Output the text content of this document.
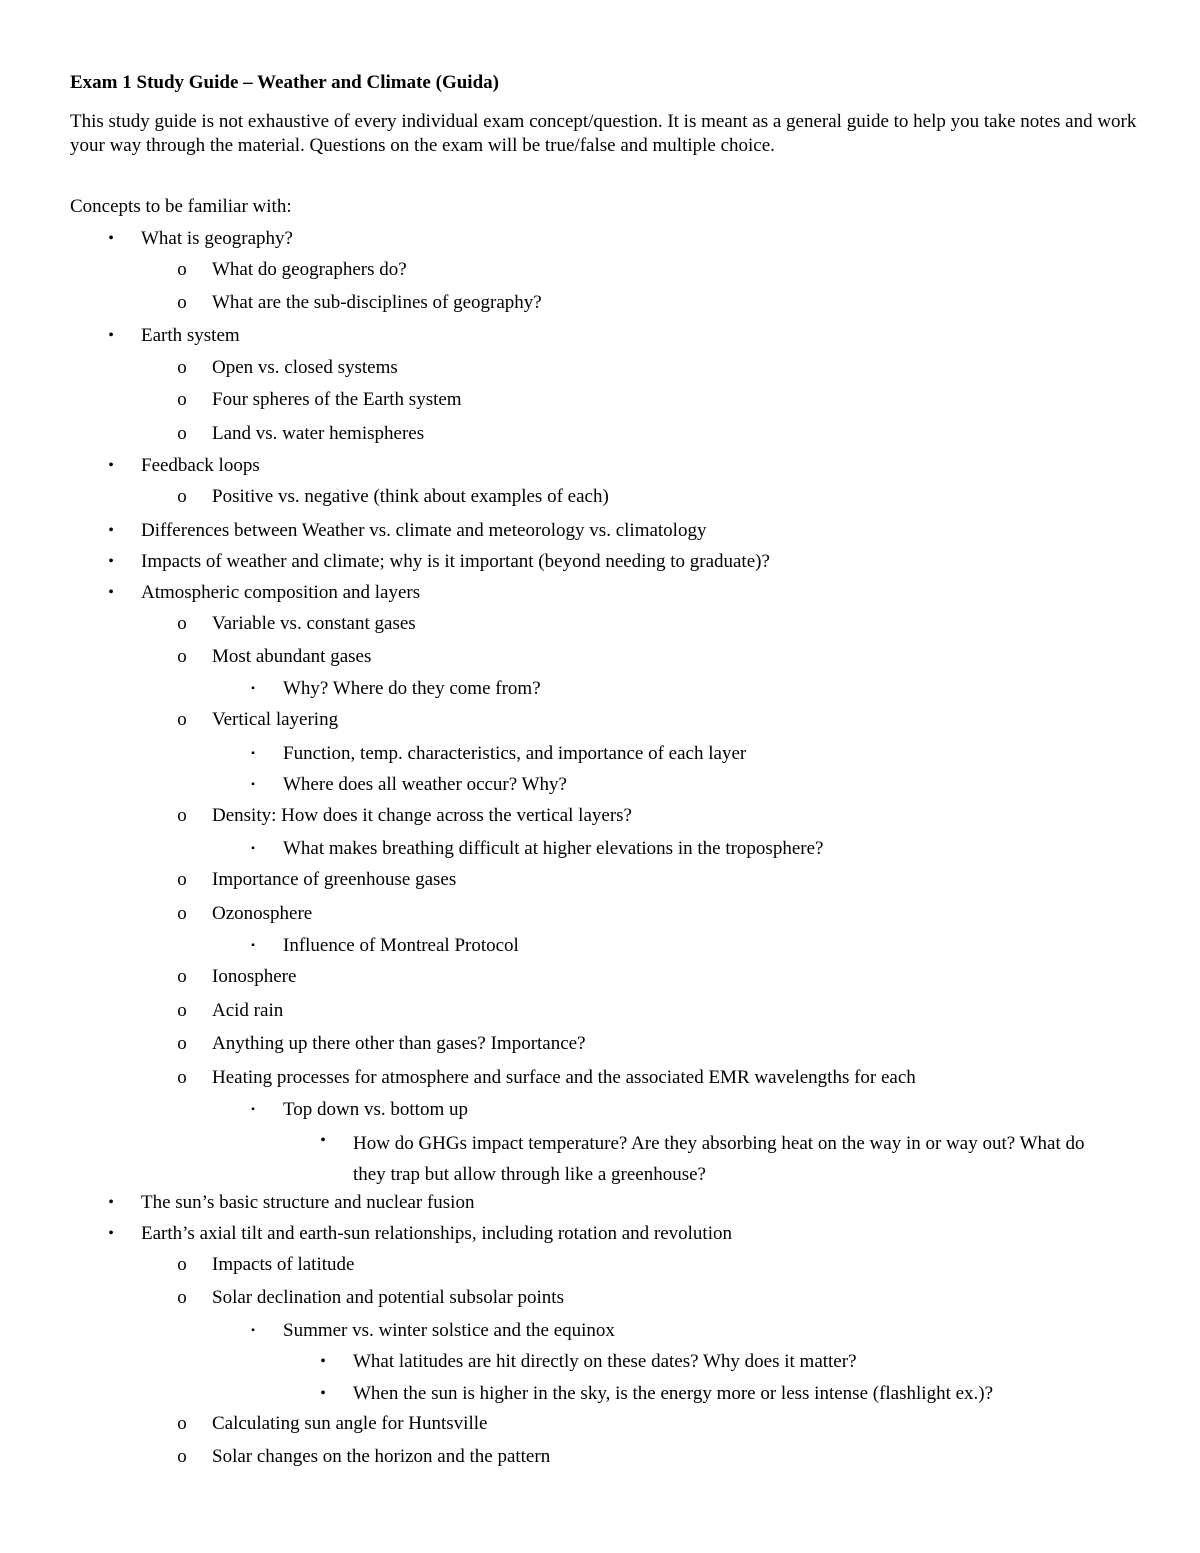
Exam 1 Study Guide – Weather and Climate (Guida)
This study guide is not exhaustive of every individual exam concept/question. It is meant as a general guide to help you take notes and work your way through the material. Questions on the exam will be true/false and multiple choice.
Concepts to be familiar with:
•	What is geography?
o What do geographers do?
o What are the sub-disciplines of geography?
•	Earth system
o Open vs. closed systems
o Four spheres of the Earth system
o Land vs. water hemispheres
•	Feedback loops
o Positive vs. negative (think about examples of each)
•	Differences between Weather vs. climate and meteorology vs. climatology
•	Impacts of weather and climate; why is it important (beyond needing to graduate)?
•	Atmospheric composition and layers
o Variable vs. constant gases
o Most abundant gases
▪	Why? Where do they come from?
o Vertical layering
▪	Function, temp. characteristics, and importance of each layer
▪	Where does all weather occur? Why?
o Density: How does it change across the vertical layers?
▪	What makes breathing difficult at higher elevations in the troposphere?
o Importance of greenhouse gases
o Ozonosphere
▪	Influence of Montreal Protocol
o Ionosphere
o Acid rain
o Anything up there other than gases? Importance?
o Heating processes for atmosphere and surface and the associated EMR wavelengths for each
▪	Top down vs. bottom up
•	How do GHGs impact temperature? Are they absorbing heat on the way in or way out? What do they trap but allow through like a greenhouse?
•	The sun’s basic structure and nuclear fusion
•	Earth’s axial tilt and earth-sun relationships, including rotation and revolution
o Impacts of latitude
o Solar declination and potential subsolar points
▪	Summer vs. winter solstice and the equinox
•	What latitudes are hit directly on these dates? Why does it matter?
•	When the sun is higher in the sky, is the energy more or less intense (flashlight ex.)?
o Calculating sun angle for Huntsville
o Solar changes on the horizon and the pattern
